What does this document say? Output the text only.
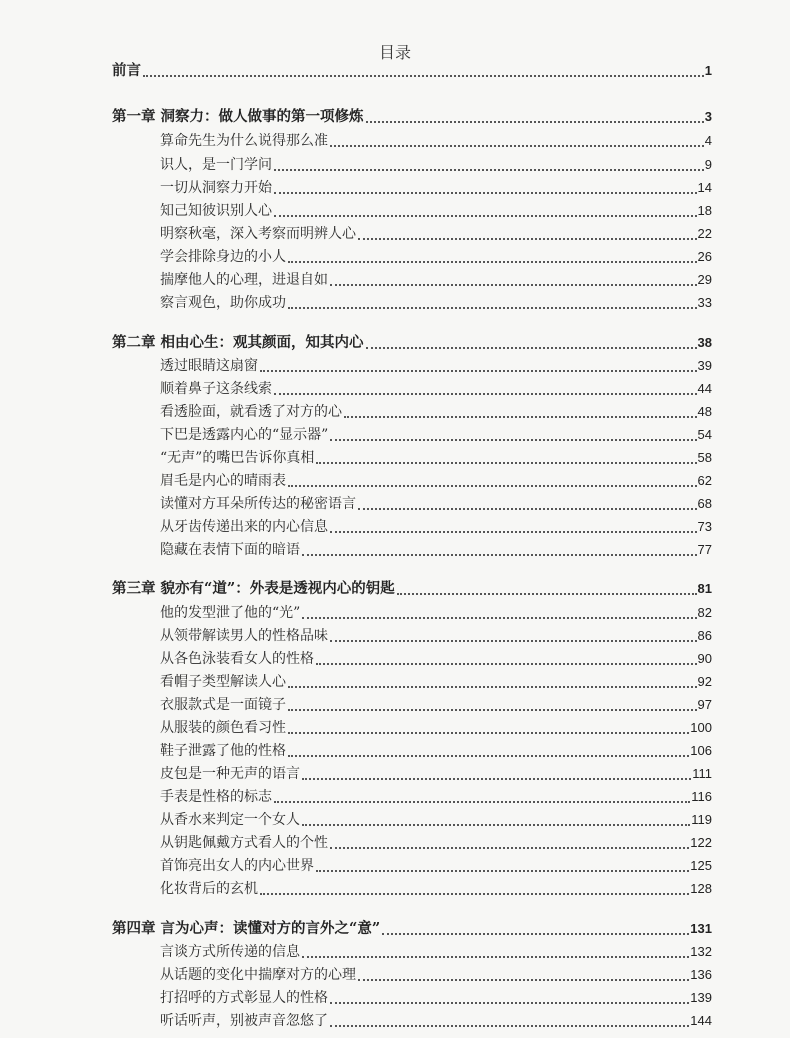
目录
前言	1
第一章 洞察力：做人做事的第一项修炼	3
算命先生为什么说得那么准	4
识人，是一门学问	9
一切从洞察力开始	14
知己知彼识别人心	18
明察秋毫，深入考察而明辨人心	22
学会排除身边的小人	26
揣摩他人的心理，进退自如	29
察言观色，助你成功	33
第二章 相由心生：观其颜面，知其内心	38
透过眼睛这扇窗	39
顺着鼻子这条线索	44
看透脸面，就看透了对方的心	48
下巴是透露内心的“显示器”	54
“无声”的嘴巴告诉你真相	58
眉毛是内心的晴雨表	62
读懂对方耳朵所传达的秘密语言	68
从牙齿传递出来的内心信息	73
隐藏在表情下面的暗语	77
第三章 貌亦有“道”：外表是透视内心的钥匙	81
他的发型泄了他的“光”	82
从领带解读男人的性格品味	86
从各色泳装看女人的性格	90
看帽子类型解读人心	92
衣服款式是一面镜子	97
从服装的颜色看习性	100
鞋子泄露了他的性格	106
皮包是一种无声的语言	111
手表是性格的标志	116
从香水来判定一个女人	119
从钥匙佩戴方式看人的个性	122
首饰亮出女人的内心世界	125
化妆背后的玄机	128
第四章 言为心声：读懂对方的言外之“意”	131
言谈方式所传递的信息	132
从话题的变化中揣摩对方的心理	136
打招呼的方式彰显人的性格	139
听话听声，别被声音忽悠了	144
